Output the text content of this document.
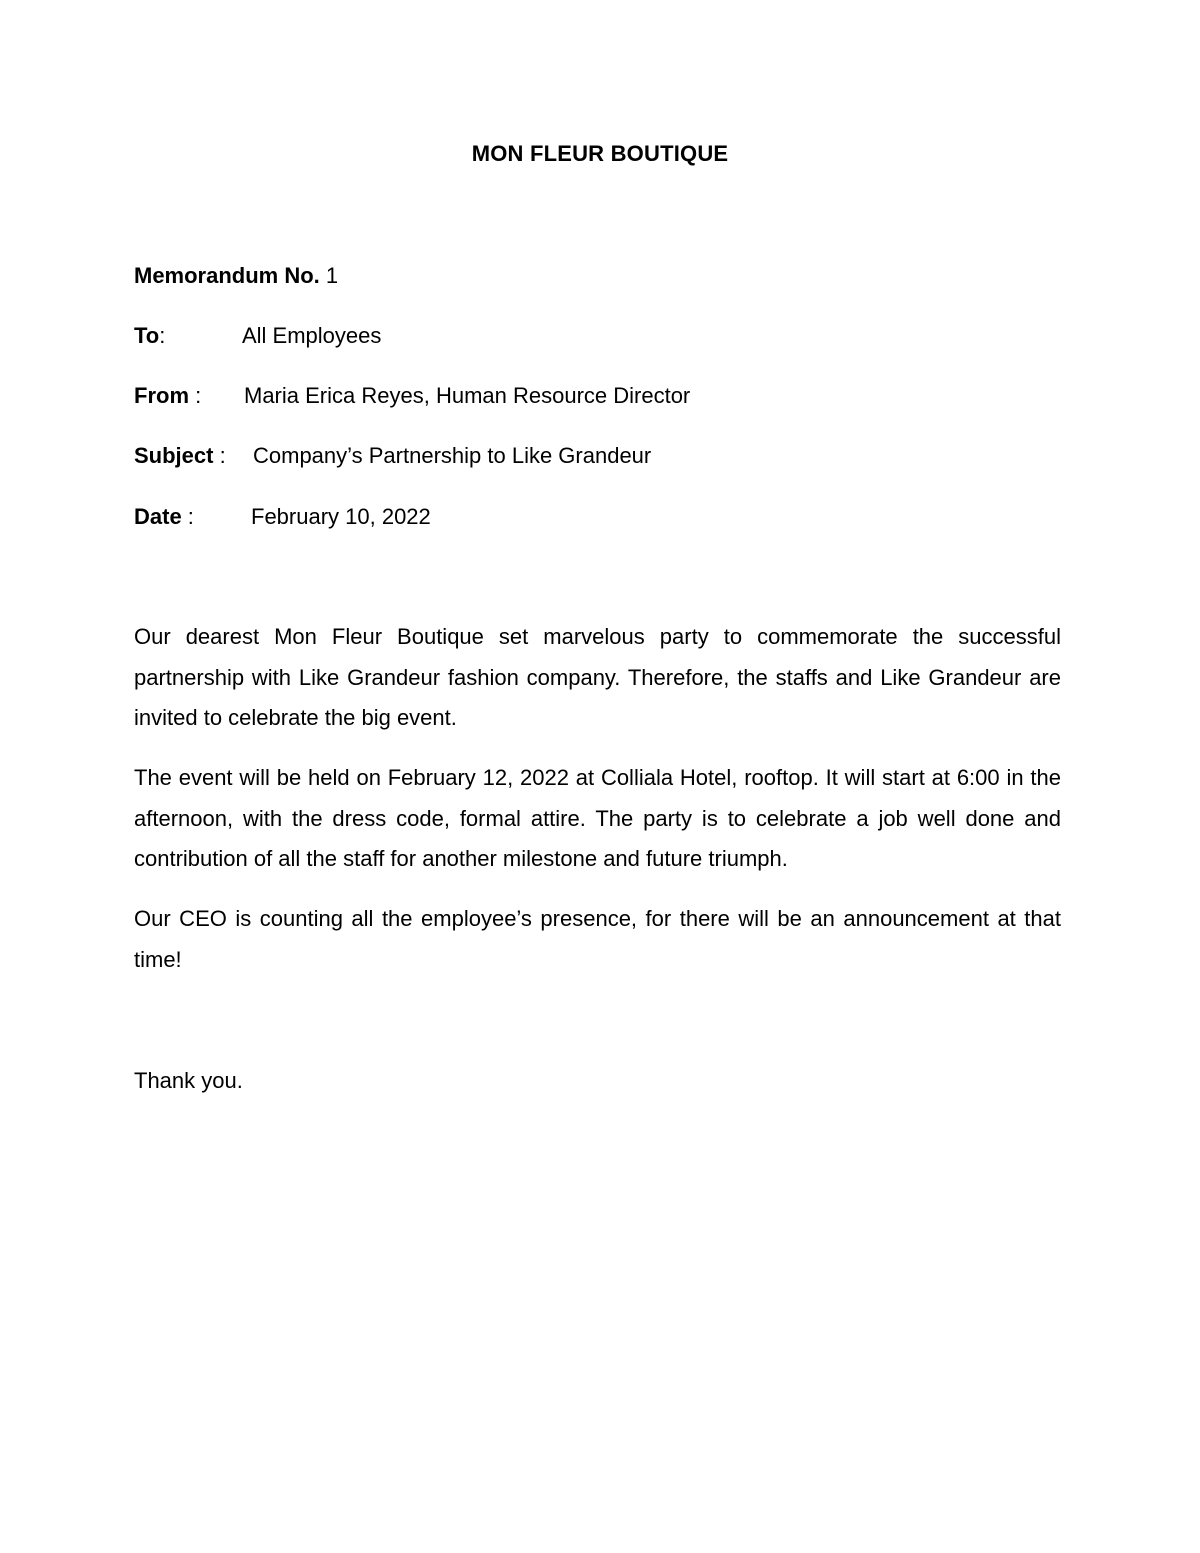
MON FLEUR BOUTIQUE
Memorandum No. 1
To:	All Employees
From : Maria Erica Reyes, Human Resource Director
Subject : Company’s Partnership to Like Grandeur
Date :	February 10, 2022

Our dearest Mon Fleur Boutique set marvelous party to commemorate the successful partnership with Like Grandeur fashion company. Therefore, the staffs and Like Grandeur are invited to celebrate the big event.

The event will be held on February 12, 2022 at Colliala Hotel, rooftop. It will start at 6:00 in the afternoon, with the dress code, formal attire. The party is to celebrate a job well done and contribution of all the staff for another milestone and future triumph.

Our CEO is counting all the employee’s presence, for there will be an announcement at that time!

Thank you.
